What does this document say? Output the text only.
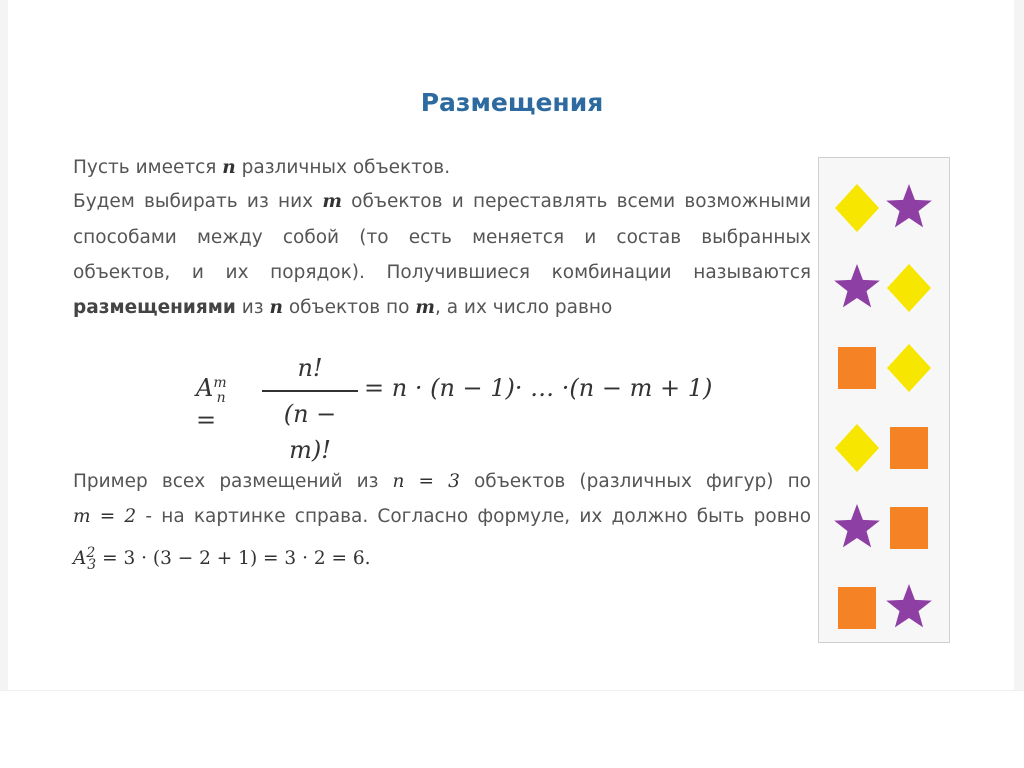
Размещения

Пусть имеется n различных объектов.

Будем выбирать из них m объектов и переставлять всеми возможными

способами между собой (то есть меняется и состав выбранных

объектов, и их порядок). Получившиеся комбинации называются

размещениями из n объектов по m, а их число равно

$A^m_n$ =
n!
(n − m)!
= n · (n − 1)· … ·(n − m + 1)

Пример всех размещений из n = 3 объектов (различных фигур) по

m = 2 - на картинке справа. Согласно формуле, их должно быть ровно

$A^2_3 = 3 \cdot (3 - 2 + 1) = 3 \cdot 2 = 6$.
